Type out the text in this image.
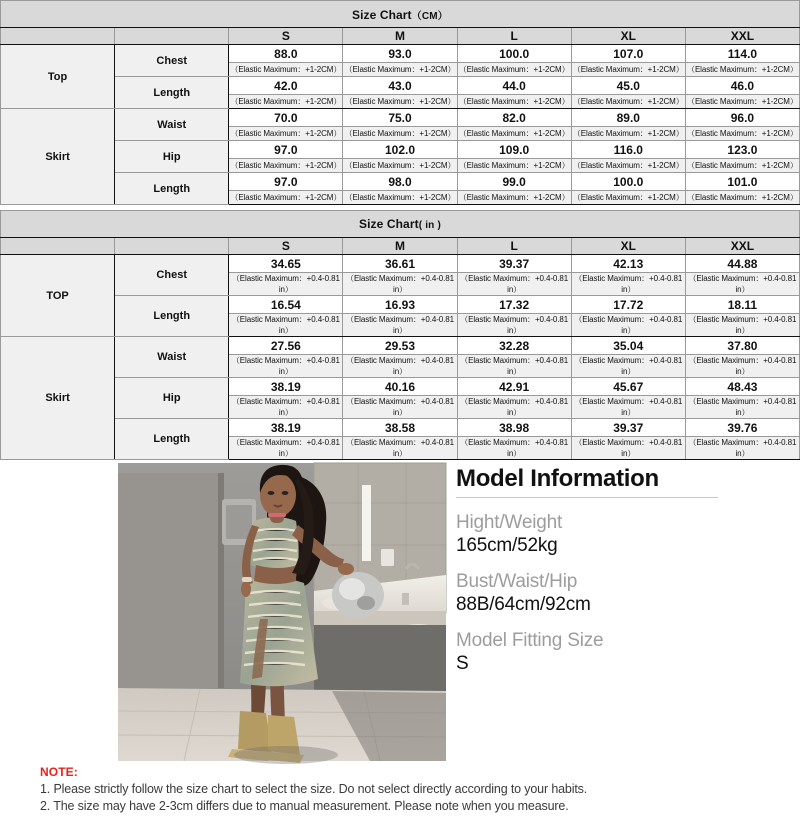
Size Chart（CM）						
		S	M	L	XL	XXL
Top	Chest	88.0	93.0	100.0	107.0	114.0
		（Elastic Maximum：+1-2CM）	（Elastic Maximum：+1-2CM）	（Elastic Maximum：+1-2CM）	（Elastic Maximum：+1-2CM）	（Elastic Maximum：+1-2CM）
	Length	42.0	43.0	44.0	45.0	46.0
		（Elastic Maximum：+1-2CM）	（Elastic Maximum：+1-2CM）	（Elastic Maximum：+1-2CM）	（Elastic Maximum：+1-2CM）	（Elastic Maximum：+1-2CM）
Skirt	Waist	70.0	75.0	82.0	89.0	96.0
		（Elastic Maximum：+1-2CM）	（Elastic Maximum：+1-2CM）	（Elastic Maximum：+1-2CM）	（Elastic Maximum：+1-2CM）	（Elastic Maximum：+1-2CM）
	Hip	97.0	102.0	109.0	116.0	123.0
		（Elastic Maximum：+1-2CM）	（Elastic Maximum：+1-2CM）	（Elastic Maximum：+1-2CM）	（Elastic Maximum：+1-2CM）	（Elastic Maximum：+1-2CM）
	Length	97.0	98.0	99.0	100.0	101.0
		（Elastic Maximum：+1-2CM）	（Elastic Maximum：+1-2CM）	（Elastic Maximum：+1-2CM）	（Elastic Maximum：+1-2CM）	（Elastic Maximum：+1-2CM）
Size Chart( in )						
		S	M	L	XL	XXL
TOP	Chest	34.65	36.61	39.37	42.13	44.88
		（Elastic Maximum：+0.4-0.81 in）	（Elastic Maximum：+0.4-0.81 in）	（Elastic Maximum：+0.4-0.81 in）	（Elastic Maximum：+0.4-0.81 in）	（Elastic Maximum：+0.4-0.81 in）
	Length	16.54	16.93	17.32	17.72	18.11
		（Elastic Maximum：+0.4-0.81 in）	（Elastic Maximum：+0.4-0.81 in）	（Elastic Maximum：+0.4-0.81 in）	（Elastic Maximum：+0.4-0.81 in）	（Elastic Maximum：+0.4-0.81 in）
Skirt	Waist	27.56	29.53	32.28	35.04	37.80
		（Elastic Maximum：+0.4-0.81 in）	（Elastic Maximum：+0.4-0.81 in）	（Elastic Maximum：+0.4-0.81 in）	（Elastic Maximum：+0.4-0.81 in）	（Elastic Maximum：+0.4-0.81 in）
	Hip	38.19	40.16	42.91	45.67	48.43
		（Elastic Maximum：+0.4-0.81 in）	（Elastic Maximum：+0.4-0.81 in）	（Elastic Maximum：+0.4-0.81 in）	（Elastic Maximum：+0.4-0.81 in）	（Elastic Maximum：+0.4-0.81 in）
	Length	38.19	38.58	38.98	39.37	39.76
		（Elastic Maximum：+0.4-0.81 in）	（Elastic Maximum：+0.4-0.81 in）	（Elastic Maximum：+0.4-0.81 in）	（Elastic Maximum：+0.4-0.81 in）	（Elastic Maximum：+0.4-0.81 in）
Model Information
Hight/Weight
165cm/52kg
Bust/Waist/Hip
88B/64cm/92cm
Model Fitting Size
S
NOTE:
1. Please strictly follow the size chart to select the size. Do not select directly according to your habits.
2. The size may have 2-3cm differs due to manual measurement. Please note when you measure.
